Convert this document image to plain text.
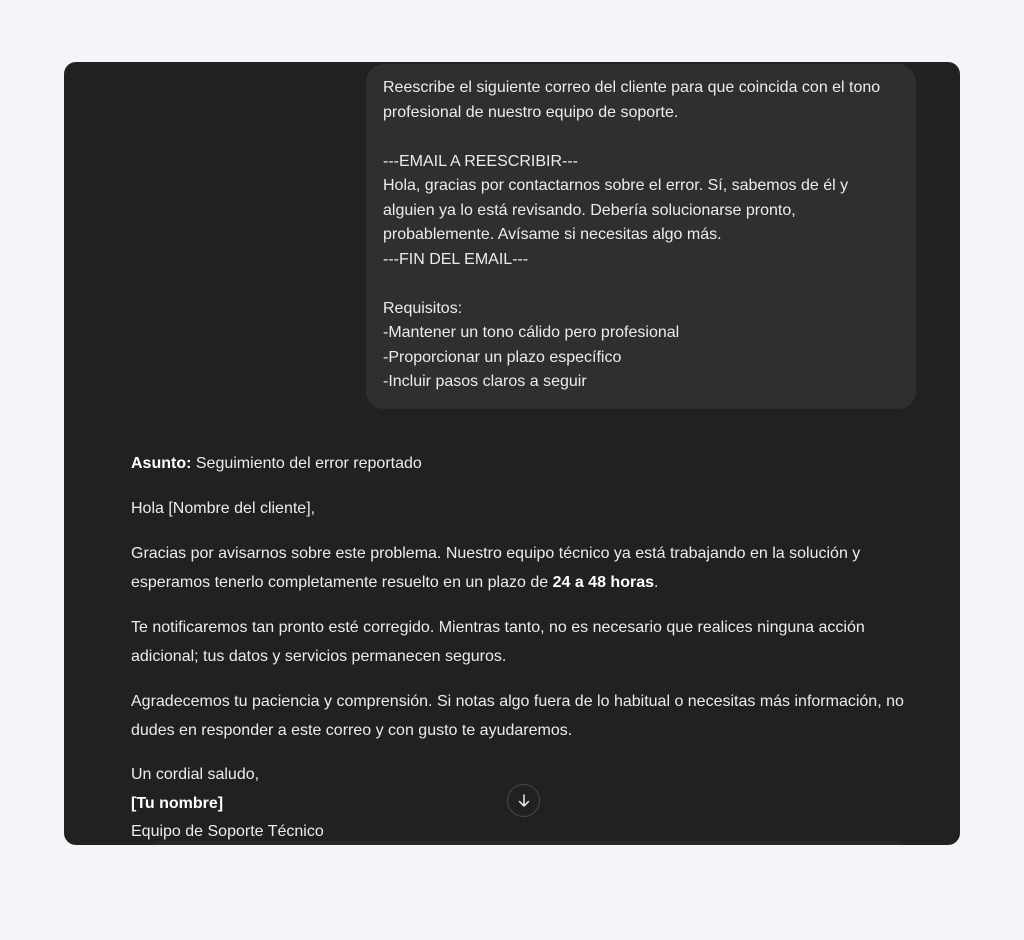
Reescribe el siguiente correo del cliente para que coincida con el tono
profesional de nuestro equipo de soporte.
---EMAIL A REESCRIBIR---
Hola, gracias por contactarnos sobre el error. Sí, sabemos de él y
alguien ya lo está revisando. Debería solucionarse pronto,
probablemente. Avísame si necesitas algo más.
---FIN DEL EMAIL---
Requisitos:
-Mantener un tono cálido pero profesional
-Proporcionar un plazo específico
-Incluir pasos claros a seguir

Asunto: Seguimiento del error reportado

Hola [Nombre del cliente],

Gracias por avisarnos sobre este problema. Nuestro equipo técnico ya está trabajando en la solución y esperamos tenerlo completamente resuelto en un plazo de 24 a 48 horas.

Te notificaremos tan pronto esté corregido. Mientras tanto, no es necesario que realices ninguna acción adicional; tus datos y servicios permanecen seguros.

Agradecemos tu paciencia y comprensión. Si notas algo fuera de lo habitual o necesitas más información, no dudes en responder a este correo y con gusto te ayudaremos.

Un cordial saludo,
[Tu nombre]
Equipo de Soporte Técnico
